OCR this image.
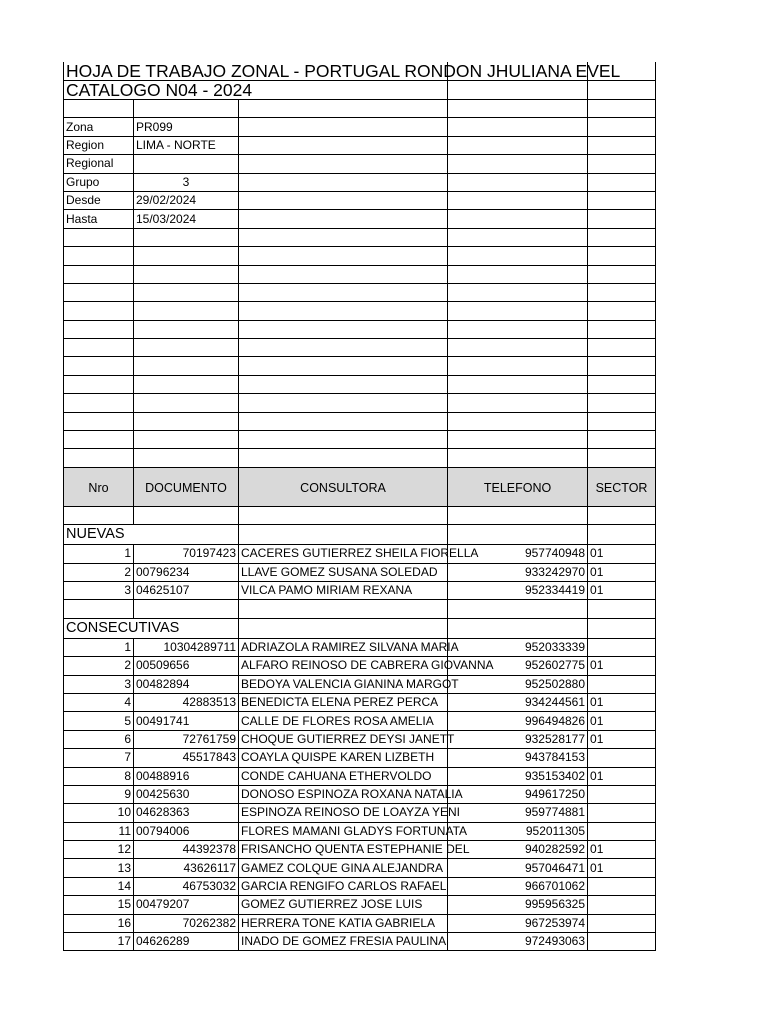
HOJA DE TRABAJO ZONAL - PORTUGAL RONDON JHULIANA EVEL				

CATALOGO N04 - 2024				

Zona	PR099			
Region	LIMA - NORTE			
Regional				
Grupo	3			
Desde	29/02/2024			
Hasta	15/03/2024			

Nro	DOCUMENTO	CONSULTORA	TELEFONO	SECTOR

NUEVAS				
1	70197423	CACERES GUTIERREZ SHEILA FIORELLA	957740948	01
2	00796234	LLAVE GOMEZ SUSANA SOLEDAD	933242970	01
3	04625107	VILCA PAMO MIRIAM REXANA	952334419	01

CONSECUTIVAS				
1	10304289711	ADRIAZOLA RAMIREZ SILVANA MARIA	952033339	
2	00509656	ALFARO REINOSO DE CABRERA GIOVANNA	952602775	01
3	00482894	BEDOYA VALENCIA GIANINA MARGOT	952502880	
4	42883513	BENEDICTA ELENA PEREZ PERCA	934244561	01
5	00491741	CALLE DE FLORES ROSA AMELIA	996494826	01
6	72761759	CHOQUE GUTIERREZ DEYSI JANETT	932528177	01
7	45517843	COAYLA QUISPE KAREN LIZBETH	943784153	
8	00488916	CONDE CAHUANA ETHERVOLDO	935153402	01
9	00425630	DONOSO ESPINOZA ROXANA NATALIA	949617250	
10	04628363	ESPINOZA REINOSO DE LOAYZA YENI	959774881	
11	00794006	FLORES MAMANI GLADYS FORTUNATA	952011305	
12	44392378	FRISANCHO QUENTA ESTEPHANIE DEL	940282592	01
13	43626117	GAMEZ COLQUE GINA ALEJANDRA	957046471	01
14	46753032	GARCIA RENGIFO CARLOS RAFAEL	966701062	
15	00479207	GOMEZ GUTIERREZ JOSE LUIS	995956325	
16	70262382	HERRERA TONE KATIA GABRIELA	967253974	
17	04626289	INADO DE GOMEZ FRESIA PAULINA	972493063	
